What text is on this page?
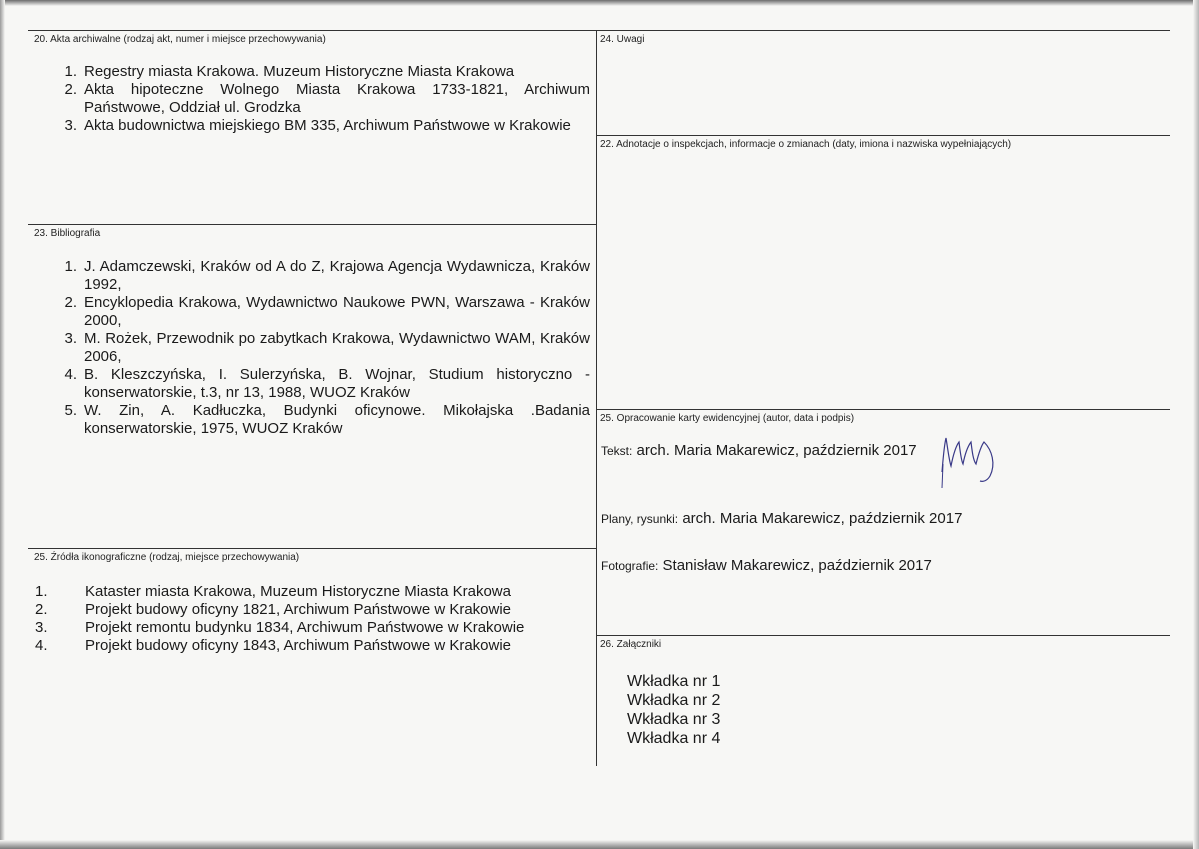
20. Akta archiwalne (rodzaj akt, numer i miejsce przechowywania)
1. Regestry miasta Krakowa. Muzeum Historyczne Miasta Krakowa
2. Akta hipoteczne Wolnego Miasta Krakowa 1733-1821, Archiwum Państwowe, Oddział ul. Grodzka
3. Akta budownictwa miejskiego BM 335, Archiwum Państwowe w Krakowie
24. Uwagi
22. Adnotacje o inspekcjach, informacje o zmianach (daty, imiona i nazwiska wypełniających)
23. Bibliografia
1. J. Adamczewski, Kraków od A do Z, Krajowa Agencja Wydawnicza, Kraków 1992,
2. Encyklopedia Krakowa, Wydawnictwo Naukowe PWN, Warszawa - Kraków 2000,
3. M. Rożek, Przewodnik po zabytkach Krakowa, Wydawnictwo WAM, Kraków 2006,
4. B. Kleszczyńska, I. Sulerzyńska, B. Wojnar, Studium historyczno - konserwatorskie, t.3, nr 13, 1988, WUOZ Kraków
5. W. Zin, A. Kadłuczka, Budynki oficynowe. Mikołajska .Badania konserwatorskie, 1975, WUOZ Kraków
25. Opracowanie karty ewidencyjnej (autor, data i podpis)
Tekst: arch. Maria Makarewicz, październik 2017
Plany, rysunki: arch. Maria Makarewicz, październik 2017
Fotografie: Stanisław Makarewicz, październik 2017
25. Źródła ikonograficzne (rodzaj, miejsce przechowywania)
1. Kataster miasta Krakowa, Muzeum Historyczne Miasta Krakowa
2. Projekt budowy oficyny 1821, Archiwum Państwowe w Krakowie
3. Projekt remontu budynku 1834, Archiwum Państwowe w Krakowie
4. Projekt budowy oficyny 1843, Archiwum Państwowe w Krakowie	26. Załączniki
Wkładka nr 1
Wkładka nr 2
Wkładka nr 3
Wkładka nr 4
